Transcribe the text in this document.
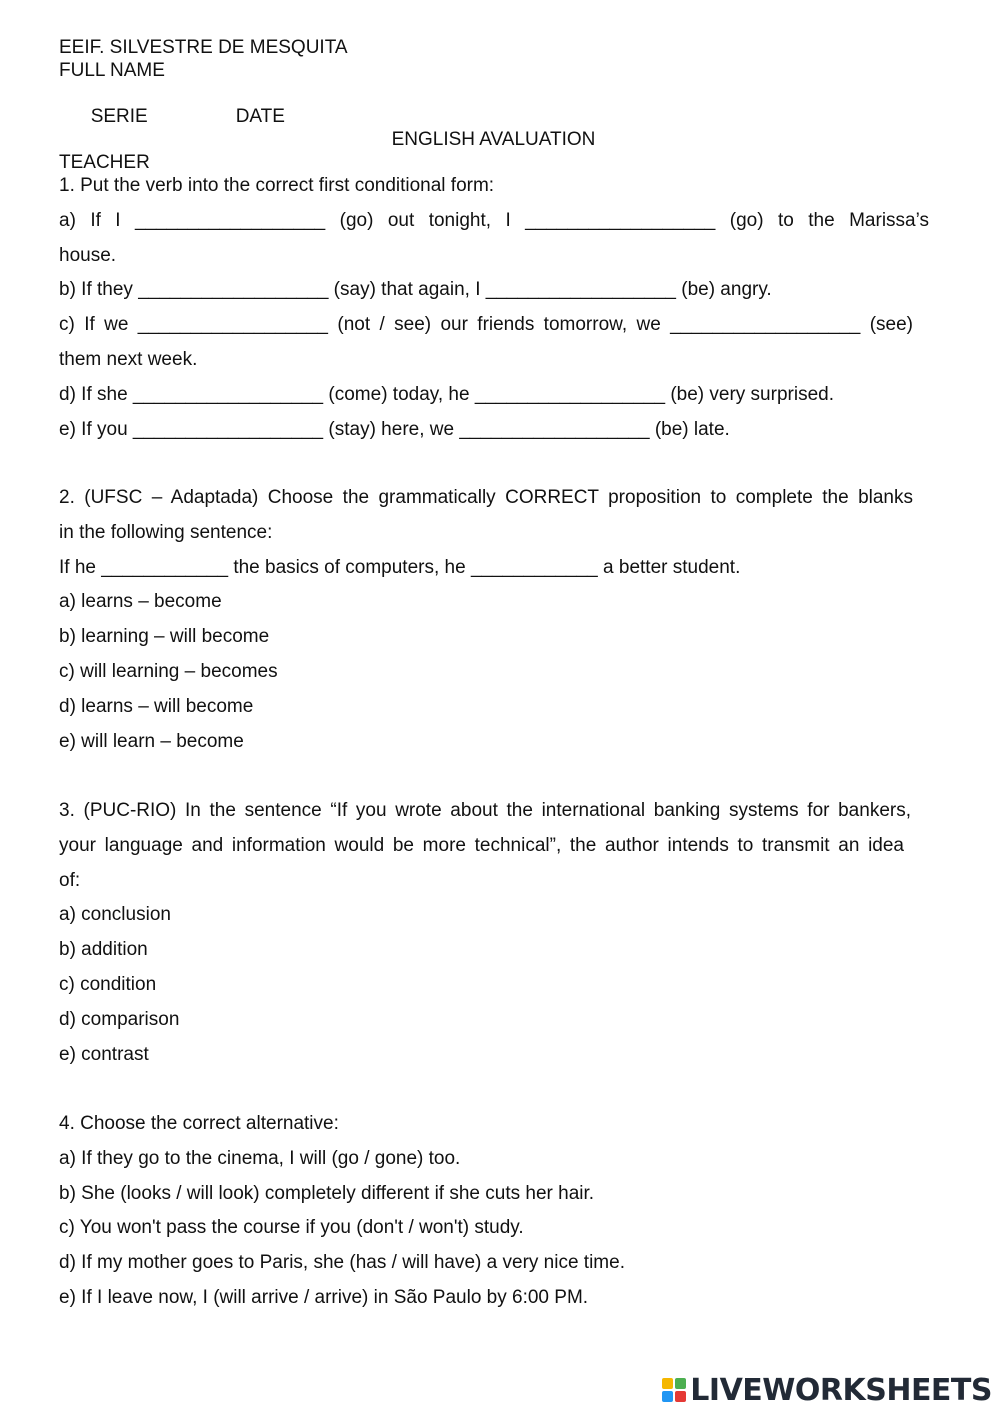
EEIF. SILVESTRE DE MESQUITA
FULL NAME

SERIE	DATE

TEACHER
ENGLISH AVALUATION
1. Put the verb into the correct first conditional form:
a) If I __________________ (go) out tonight, I __________________ (go) to the Marissa’s
house.
b) If they __________________ (say) that again, I __________________ (be) angry.
c) If we __________________ (not / see) our friends tomorrow, we __________________ (see)
them next week.
d) If she __________________ (come) today, he __________________ (be) very surprised.
e) If you __________________ (stay) here, we __________________ (be) late.
2. (UFSC – Adaptada) Choose the grammatically CORRECT proposition to complete the blanks
in the following sentence:
If he ____________ the basics of computers, he ____________ a better student.
a) learns – become
b) learning – will become
c) will learning – becomes
d) learns – will become
e) will learn – become
3. (PUC-RIO) In the sentence “If you wrote about the international banking systems for bankers,
your language and information would be more technical”, the author intends to transmit an idea
of:
a) conclusion
b) addition
c) condition
d) comparison
e) contrast
4. Choose the correct alternative:
a) If they go to the cinema, I will (go / gone) too.
b) She (looks / will look) completely different if she cuts her hair.
c) You won't pass the course if you (don't / won't) study.
d) If my mother goes to Paris, she (has / will have) a very nice time.
e) If I leave now, I (will arrive / arrive) in São Paulo by 6:00 PM.
LIVEWORKSHEETS
